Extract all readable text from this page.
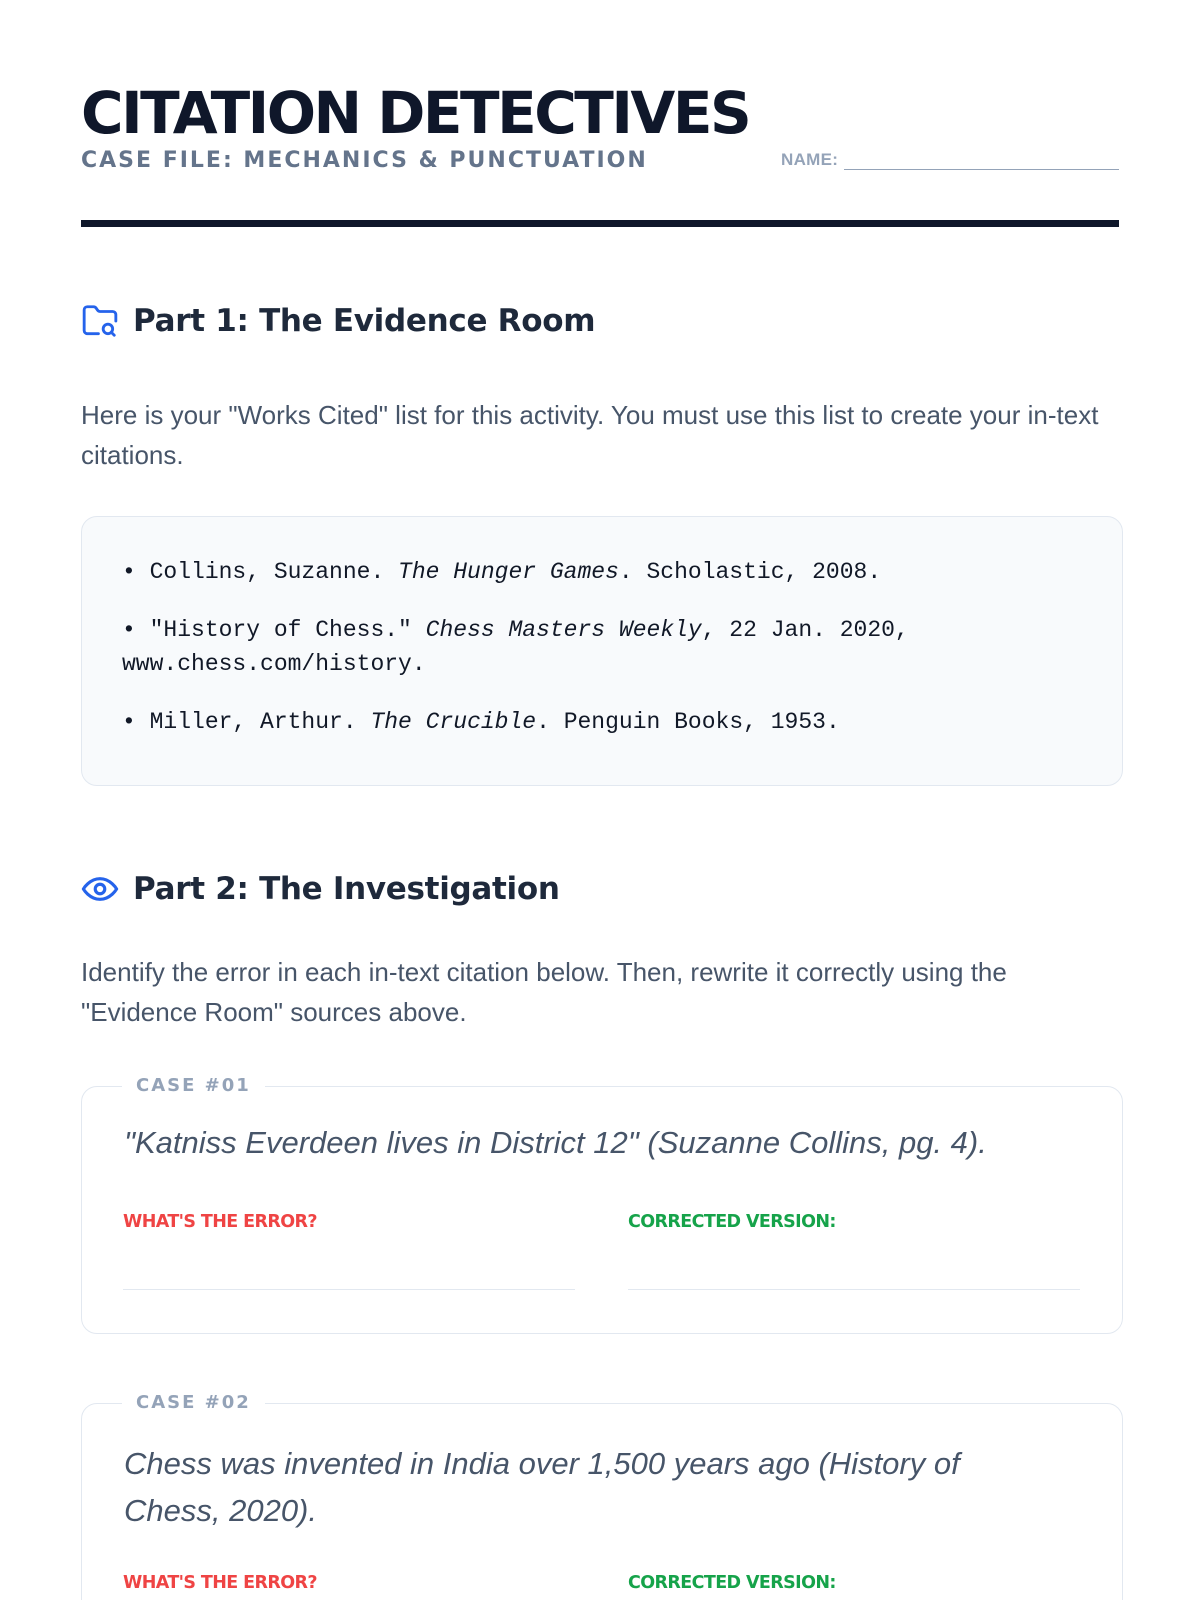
CITATION DETECTIVES
CASE FILE: MECHANICS & PUNCTUATION	NAME:
Part 1: The Evidence Room

Here is your "Works Cited" list for this activity. You must use this list to create your in-text citations.

• Collins, Suzanne. The Hunger Games. Scholastic, 2008.
• "History of Chess." Chess Masters Weekly, 22 Jan. 2020, www.chess.com/history.
• Miller, Arthur. The Crucible. Penguin Books, 1953.
Part 2: The Investigation

Identify the error in each in-text citation below. Then, rewrite it correctly using the "Evidence Room" sources above.

CASE #01
"Katniss Everdeen lives in District 12" (Suzanne Collins, pg. 4).
WHAT'S THE ERROR?	CORRECTED VERSION:
CASE #02
Chess was invented in India over 1,500 years ago (History of Chess, 2020).
WHAT'S THE ERROR?	CORRECTED VERSION:
